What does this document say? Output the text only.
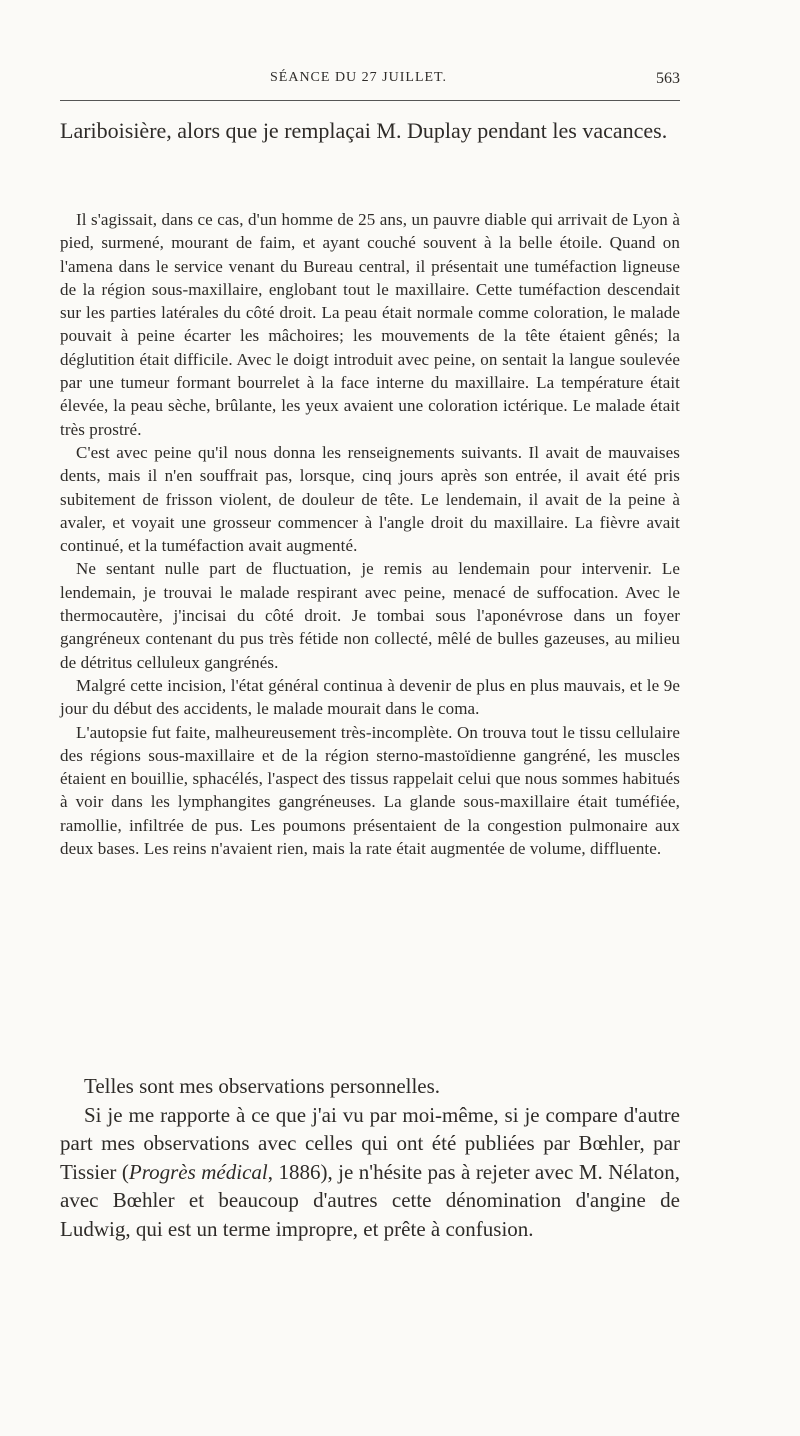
SÉANCE DU 27 JUILLET.	563

Lariboisière, alors que je remplaçai M. Duplay pendant les vacances.

Il s'agissait, dans ce cas, d'un homme de 25 ans, un pauvre diable qui arrivait de Lyon à pied, surmené, mourant de faim, et ayant couché souvent à la belle étoile. Quand on l'amena dans le service venant du Bureau central, il présentait une tuméfaction ligneuse de la région sous-maxillaire, englobant tout le maxillaire. Cette tuméfaction descendait sur les parties latérales du côté droit. La peau était normale comme coloration, le malade pouvait à peine écarter les mâchoires; les mouvements de la tête étaient gênés; la déglutition était difficile. Avec le doigt introduit avec peine, on sentait la langue soulevée par une tumeur formant bourrelet à la face interne du maxillaire. La température était élevée, la peau sèche, brûlante, les yeux avaient une coloration ictérique. Le malade était très prostré.

C'est avec peine qu'il nous donna les renseignements suivants. Il avait de mauvaises dents, mais il n'en souffrait pas, lorsque, cinq jours après son entrée, il avait été pris subitement de frisson violent, de douleur de tête. Le lendemain, il avait de la peine à avaler, et voyait une grosseur commencer à l'angle droit du maxillaire. La fièvre avait continué, et la tuméfaction avait augmenté.

Ne sentant nulle part de fluctuation, je remis au lendemain pour intervenir. Le lendemain, je trouvai le malade respirant avec peine, menacé de suffocation. Avec le thermocautère, j'incisai du côté droit. Je tombai sous l'aponévrose dans un foyer gangréneux contenant du pus très fétide non collecté, mêlé de bulles gazeuses, au milieu de détritus celluleux gangrénés.

Malgré cette incision, l'état général continua à devenir de plus en plus mauvais, et le 9e jour du début des accidents, le malade mourait dans le coma.

L'autopsie fut faite, malheureusement très-incomplète. On trouva tout le tissu cellulaire des régions sous-maxillaire et de la région sterno-mastoïdienne gangréné, les muscles étaient en bouillie, sphacélés, l'aspect des tissus rappelait celui que nous sommes habitués à voir dans les lymphangites gangréneuses. La glande sous-maxillaire était tuméfiée, ramollie, infiltrée de pus. Les poumons présentaient de la congestion pulmonaire aux deux bases. Les reins n'avaient rien, mais la rate était augmentée de volume, diffluente.

Telles sont mes observations personnelles.

Si je me rapporte à ce que j'ai vu par moi-même, si je compare d'autre part mes observations avec celles qui ont été publiées par Bœhler, par Tissier (Progrès médical, 1886), je n'hésite pas à rejeter avec M. Nélaton, avec Bœhler et beaucoup d'autres cette dénomination d'angine de Ludwig, qui est un terme impropre, et prête à confusion.
